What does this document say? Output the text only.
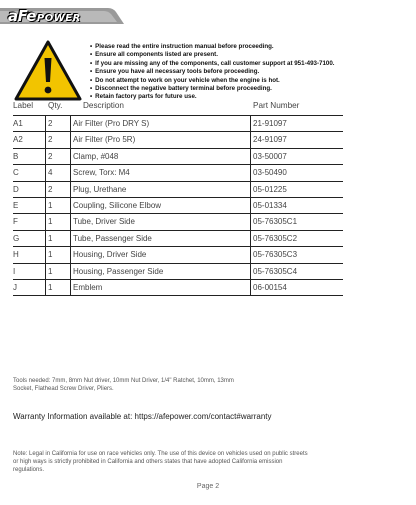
aFePOWER
• Please read the entire instruction manual before proceeding.
• Ensure all components listed are present.
• If you are missing any of the components, call customer support at 951-493-7100.
• Ensure you have all necessary tools before proceeding.
• Do not attempt to work on your vehicle when the engine is hot.
• Disconnect the negative battery terminal before proceeding.
• Retain factory parts for future use.
Label Qty.	Description	Part Number
A1	2	Air Filter (Pro DRY S)	21-91097
A2	2	Air Filter (Pro 5R)	24-91097
B	2	Clamp, #048	03-50007
C	4	Screw, Torx: M4	03-50490
D	2	Plug, Urethane	05-01225
E	1	Coupling, Silicone Elbow	05-01334
F	1	Tube, Driver Side	05-76305C1
G	1	Tube, Passenger Side	05-76305C2
H	1	Housing, Driver Side	05-76305C3
I	1	Housing, Passenger Side	05-76305C4
J	1	Emblem	06-00154
Tools needed: 7mm, 8mm Nut driver, 10mm Nut Driver, 1/4" Ratchet, 10mm, 13mm Socket, Flathead Screw Driver, Pliers.
Warranty Information available at: https://afepower.com/contact#warranty
Note: Legal in California for use on race vehicles only. The use of this device on vehicles used on public streets or high ways is strictly prohibited in California and others states that have adopted California emission regulations.
Page 2
